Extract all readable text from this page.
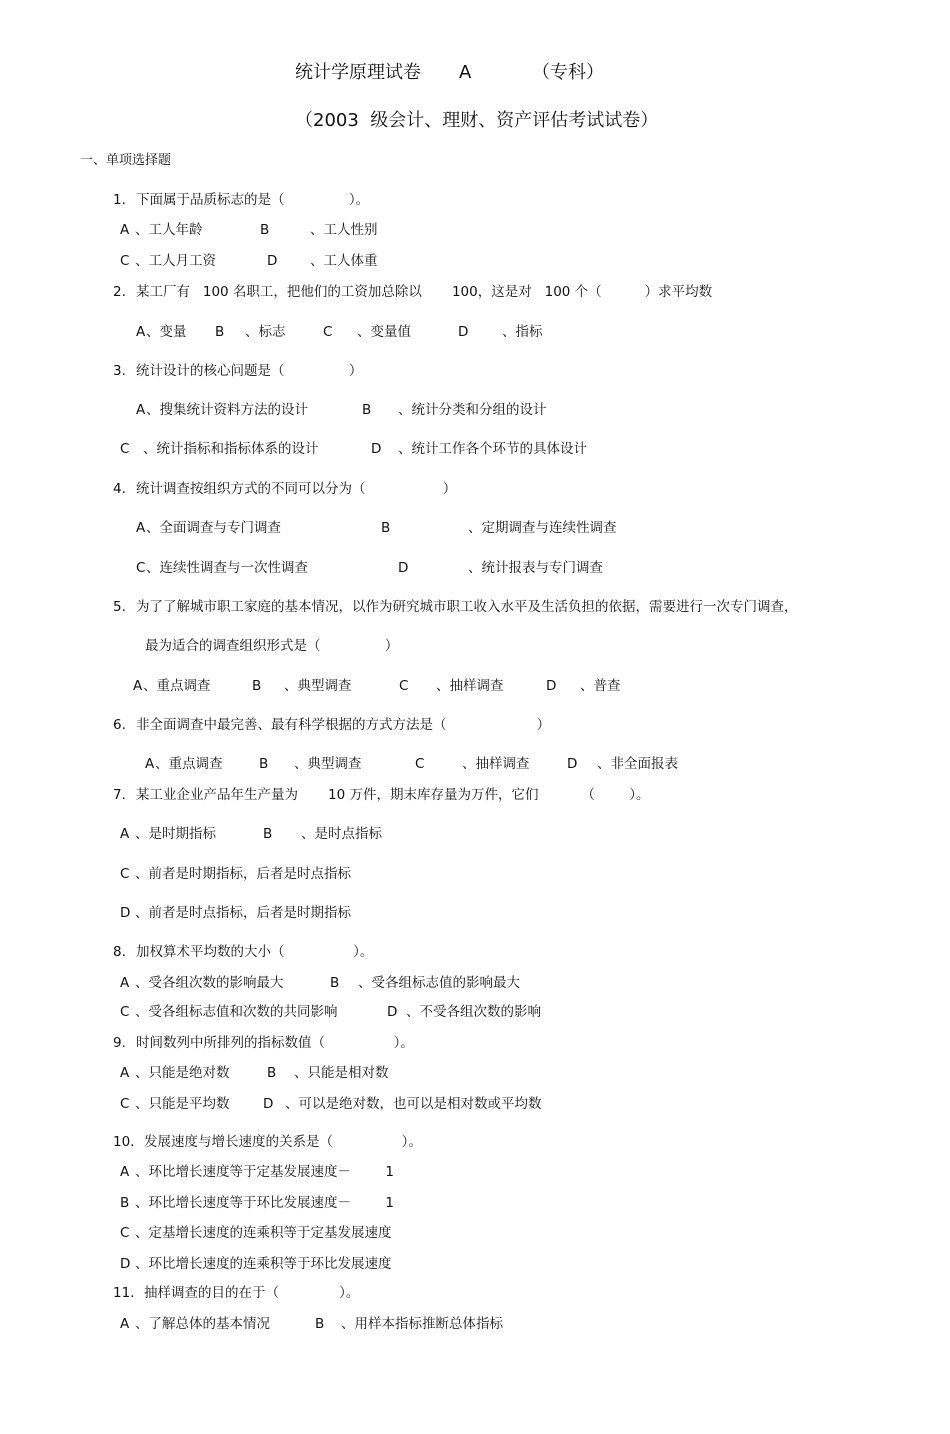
统计学原理试卷 A	（专科）
（2003  级会计、理财、资产评估考试试卷）
一、单项选择题
1. 下面属于品质标志的是（               ）。
A 、工人年龄	B	、工人性别
C 、工人月工资	D 、工人体重
2. 某工厂有   100 名职工，把他们的工资加总除以       100，这是对   100 个（          ）求平均数
A 、变量 B 、标志	C 、变量值	D 、指标
3. 统计设计的核心问题是（               ）
A 、搜集统计资料方法的设计	B 、统计分类和分组的设计
C 、统计指标和指标体系的设计	D 、统计工作各个环节的具体设计
4. 统计调查按组织方式的不同可以分为（                  ）
A 、全面调查与专门调查	B	、定期调查与连续性调查
C 、连续性调查与一次性调查	D	、统计报表与专门调查
5. 为了了解城市职工家庭的基本情况，以作为研究城市职工收入水平及生活负担的依据，需要进行一次专门调查，
最为适合的调查组织形式是（               ）
A 、重点调查	B 、典型调查	C 、抽样调查	D 、普查
6. 非全面调查中最完善、最有科学根据的方式方法是（                     ）
A 、重点调查	B 、典型调查	C	、抽样调查	D 、非全面报表
7. 某工业企业产品年生产量为       10 万件，期末库存量为万件，它们          （        ）。
A 、是时期指标	B 、是时点指标
C 、前者是时期指标，后者是时点指标
D 、前者是时点指标，后者是时期指标
8. 加权算术平均数的大小（                ）。
A 、受各组次数的影响最大	B 、受各组标志值的影响最大
C 、受各组标志值和次数的共同影响	D 、不受各组次数的影响
9. 时间数列中所排列的指标数值（                ）。
A 、只能是绝对数	B 、只能是相对数
C 、只能是平均数 D 、可以是绝对数，也可以是相对数或平均数
10. 发展速度与增长速度的关系是（                ）。
A 、环比增长速度等于定基发展速度－        1
B 、环比增长速度等于环比发展速度－        1
C 、定基增长速度的连乘积等于定基发展速度
D 、环比增长速度的连乘积等于环比发展速度
11. 抽样调查的目的在于（              ）。
A 、了解总体的基本情况	B 、用样本指标推断总体指标
